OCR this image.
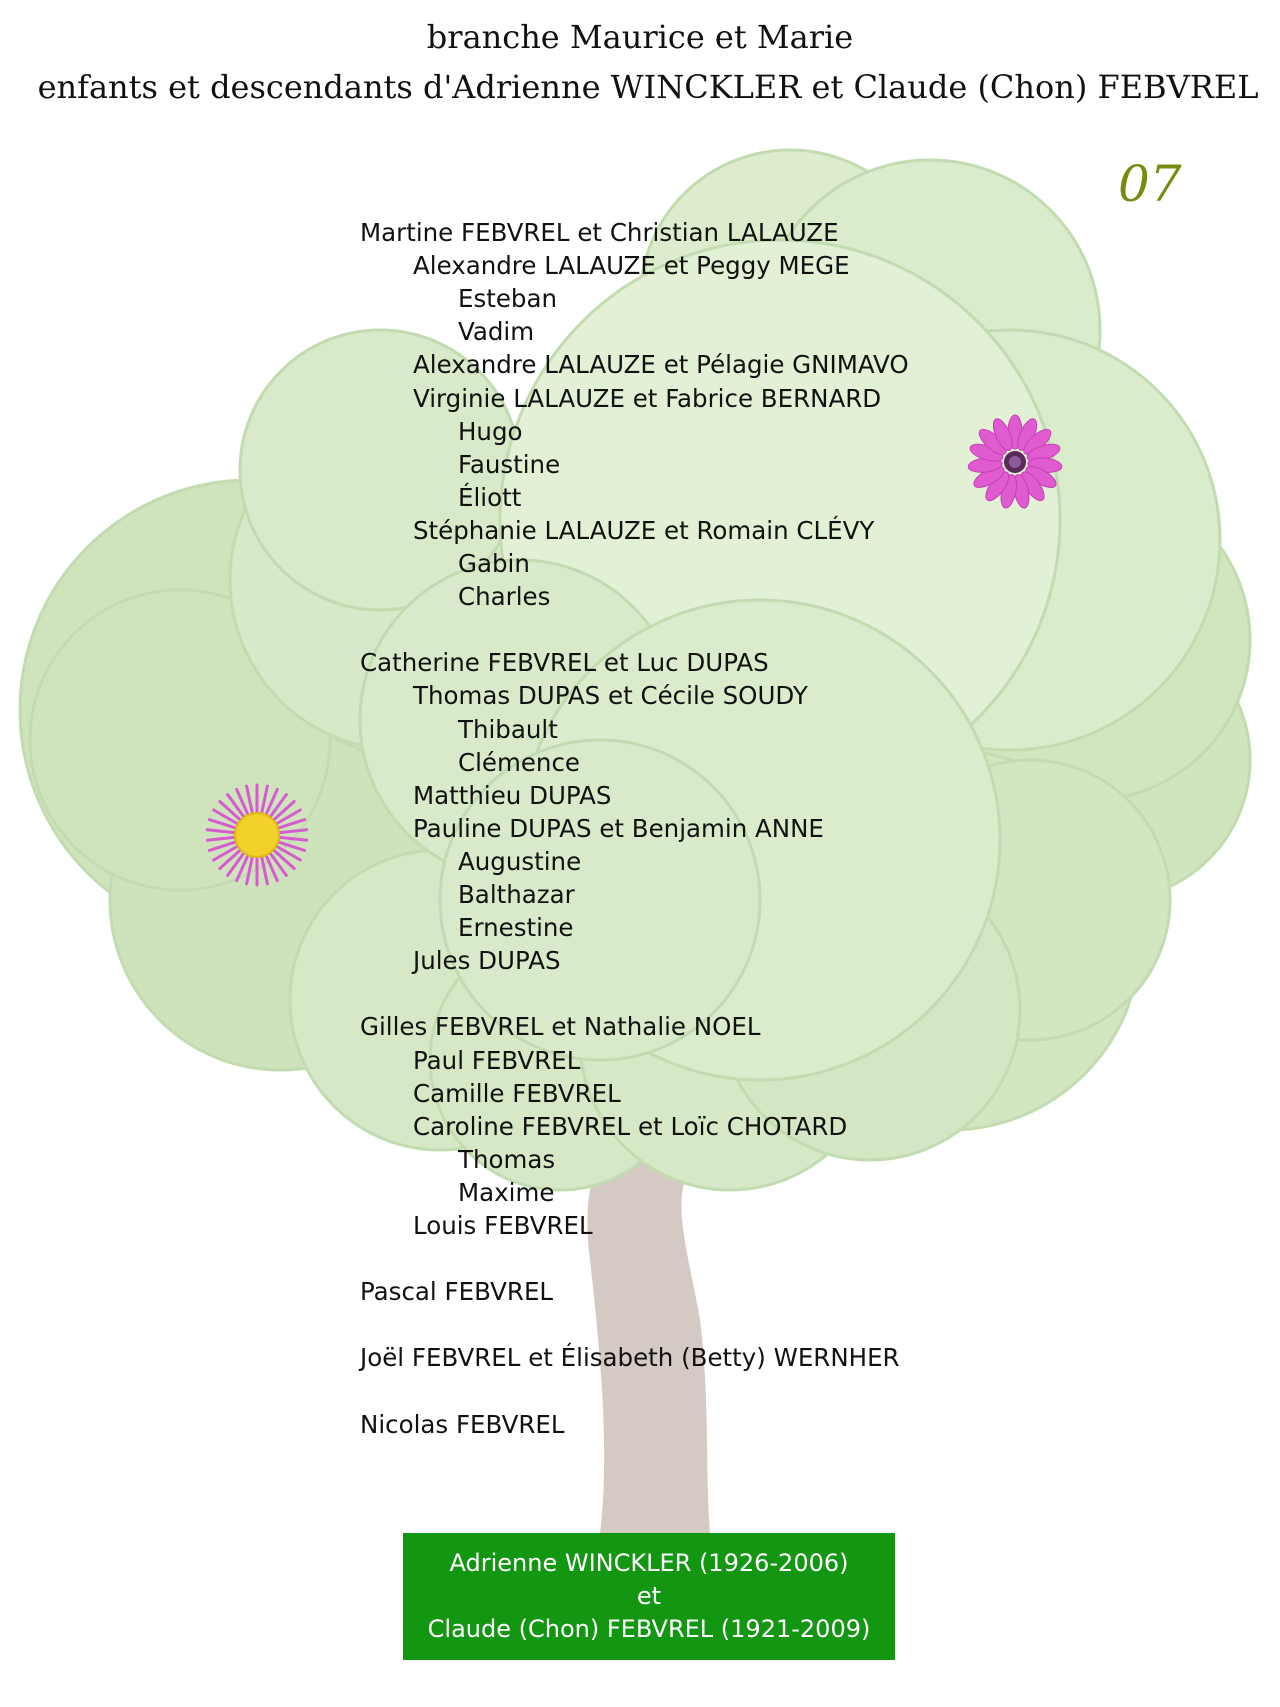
branche Maurice et Marie
enfants et descendants d'Adrienne WINCKLER et Claude (Chon) FEBVREL
07
Martine FEBVREL et Christian LALAUZE
Alexandre LALAUZE et Peggy MEGE
Esteban
Vadim
Alexandre LALAUZE et Pélagie GNIMAVO
Virginie LALAUZE et Fabrice BERNARD
Hugo
Faustine
Éliott
Stéphanie LALAUZE et Romain CLÉVY
Gabin
Charles
Catherine FEBVREL et Luc DUPAS
Thomas DUPAS et Cécile SOUDY
Thibault
Clémence
Matthieu DUPAS
Pauline DUPAS et Benjamin ANNE
Augustine
Balthazar
Ernestine
Jules DUPAS
Gilles FEBVREL et Nathalie NOEL
Paul FEBVREL
Camille FEBVREL
Caroline FEBVREL et Loïc CHOTARD
Thomas
Maxime
Louis FEBVREL
Pascal FEBVREL
Joël FEBVREL et Élisabeth (Betty) WERNHER
Nicolas FEBVREL
Adrienne WINCKLER (1926-2006)
et
Claude (Chon) FEBVREL (1921-2009)
